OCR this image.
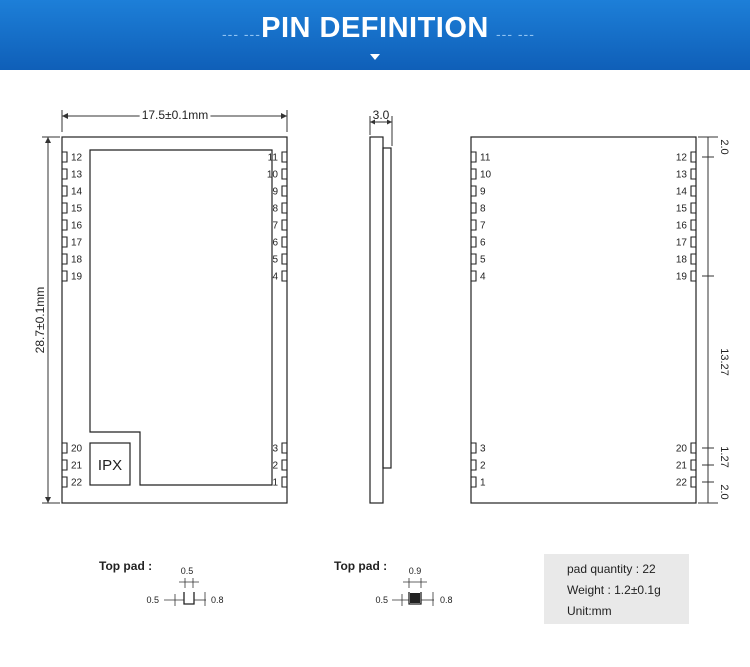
--- --- PIN DEFINITION --- ---
17.5±0.1mm
28.7±0.1mm
IPX
12
13
14
15
16
17
18
19
20
21
22
11
10
9
8
7
6
5
4
3
2
1
3.0
11
10
9
8
7
6
5
4
3
2
1
12
13
14
15
16
17
18
19
20
21
22
2.0
13.27
1.27
2.0
0.5
0.5	0.8
0.9
0.5	0.8
Top pad :	Top pad :	pad quantity : 22
Weight : 1.2±0.1g
Unit:mm
